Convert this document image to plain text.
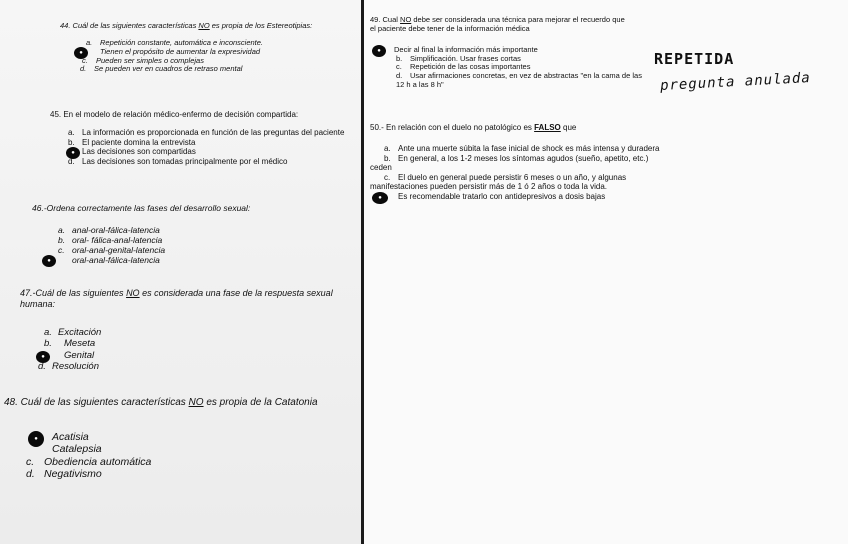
44. Cuál de las siguientes características NO es propia de los Estereotipias:
a. Repetición constante, automática e inconsciente.
●	Tienen el propósito de aumentar la expresividad
c. Pueden ser simples o complejas
d. Se pueden ver en cuadros de retraso mental
45. En el modelo de relación médico-enfermo de decisión compartida:
a. La información es proporcionada en función de las preguntas del paciente
b. El paciente domina la entrevista
● Las decisiones son compartidas
d. Las decisiones son tomadas principalmente por el médico
46.-Ordena correctamente las fases del desarrollo sexual:
a. anal-oral-fálica-latencia
b. oral- fálica-anal-latencia
c. oral-anal-genital-latencia
●	oral-anal-fálica-latencia
47.-Cuál de las siguientes NO es considerada una fase de la respuesta sexual humana:
a. Excitación
b. Meseta
●	Genital
d. Resolución
48. Cuál de las siguientes características NO es propia de la Catatonia
●	Acatisia
Catalepsia
c. Obediencia automática
d. Negativismo
49. Cual NO debe ser considerada una técnica para mejorar el recuerdo que el paciente debe tener de la información médica
●	Decir al final la información más importante
b. Simplificación. Usar frases cortas
c. Repetición de las cosas importantes
d. Usar afirmaciones concretas, en vez de abstractas "en la cama de las 12 h a las 8 h"
REPETIDA
pregunta anulada
50.- En relación con el duelo no patológico es FALSO que
a. Ante una muerte súbita la fase inicial de shock es más intensa y duradera
b. En general, a los 1-2 meses los síntomas agudos (sueño, apetito, etc.) ceden
c. El duelo en general puede persistir 6 meses o un año, y algunas manifestaciones pueden persistir más de 1 ó 2 años o toda la vida.
●	Es recomendable tratarlo con antidepresivos a dosis bajas
